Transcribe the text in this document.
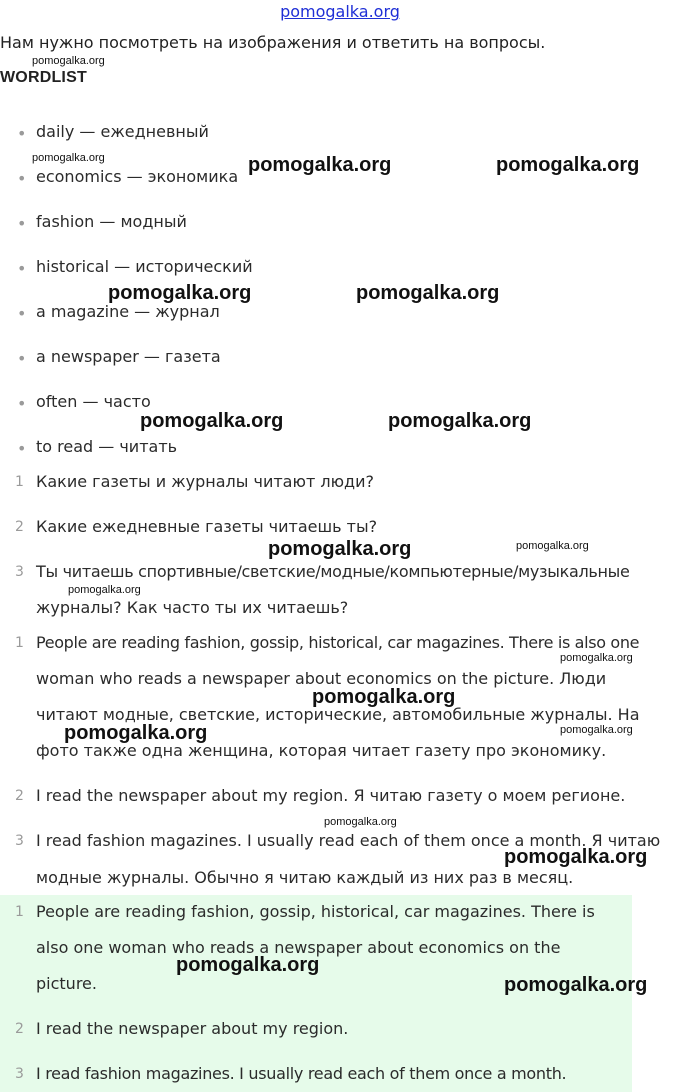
pomogalka.org
Нам нужно посмотреть на изображения и ответить на вопросы.
WORDLIST
• daily — ежедневный
• economics — экономика
• fashion — модный
• historical — исторический
• a magazine — журнал
• a newspaper — газета
• often — часто
• to read — читать
1 Какие газеты и журналы читают люди?
2 Какие ежедневные газеты читаешь ты?
3 Ты читаешь спортивные/светские/модные/компьютерные/музыкальные
журналы? Как часто ты их читаешь?
1 People are reading fashion, gossip, historical, car magazines. There is also one
woman who reads a newspaper about economics on the picture. Люди
читают модные, светские, исторические, автомобильные журналы. На
фото также одна женщина, которая читает газету про экономику.
2 I read the newspaper about my region. Я читаю газету о моем регионе.
3 I read fashion magazines. I usually read each of them once a month. Я читаю
модные журналы. Обычно я читаю каждый из них раз в месяц.
1 People are reading fashion, gossip, historical, car magazines. There is
also one woman who reads a newspaper about economics on the
picture.
2 I read the newspaper about my region.
3 I read fashion magazines. I usually read each of them once a month.
pomogalka.org
pomogalka.org	pomogalka.org	pomogalka.org
pomogalka.org	pomogalka.org
pomogalka.org	pomogalka.org
pomogalka.org	pomogalka.org
pomogalka.org
pomogalka.org
pomogalka.org
pomogalka.org	pomogalka.org
pomogalka.org
pomogalka.org
pomogalka.org
pomogalka.org
